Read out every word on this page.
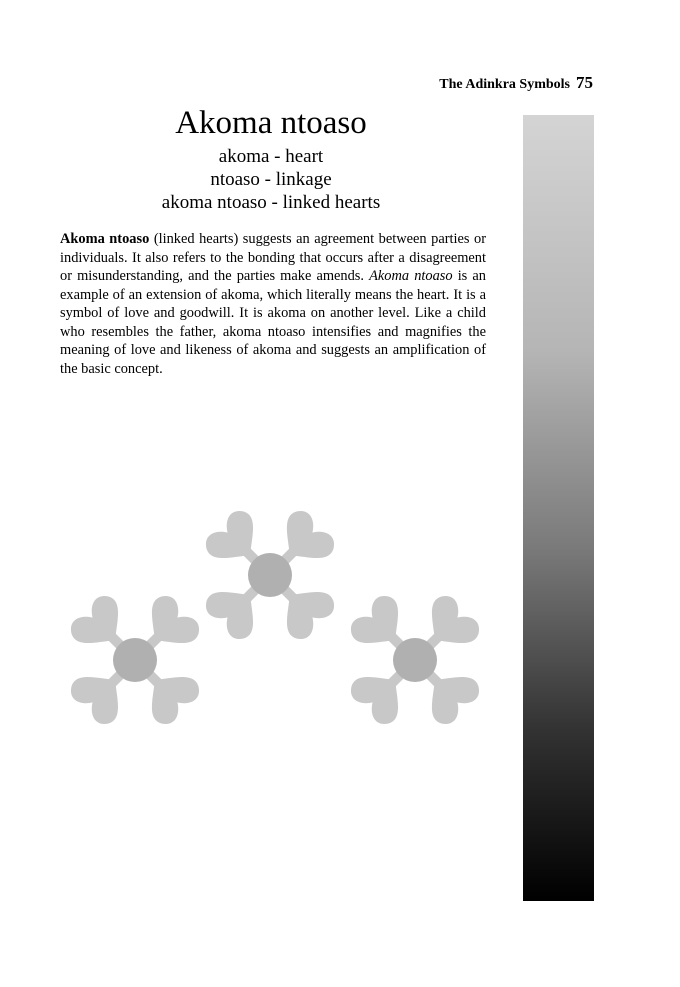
The Adinkra Symbols 75
Akoma ntoaso
akoma - heart
ntoaso - linkage
akoma ntoaso - linked hearts

Akoma ntoaso (linked hearts) suggests an agreement between parties or individuals. It also refers to the bonding that occurs after a disagreement or misunderstanding, and the parties make amends. Akoma ntoaso is an example of an extension of akoma, which literally means the heart. It is a symbol of love and goodwill. It is akoma on another level. Like a child who resembles the father, akoma ntoaso intensifies and magnifies the meaning of love and likeness of akoma and suggests an amplification of the basic concept.
